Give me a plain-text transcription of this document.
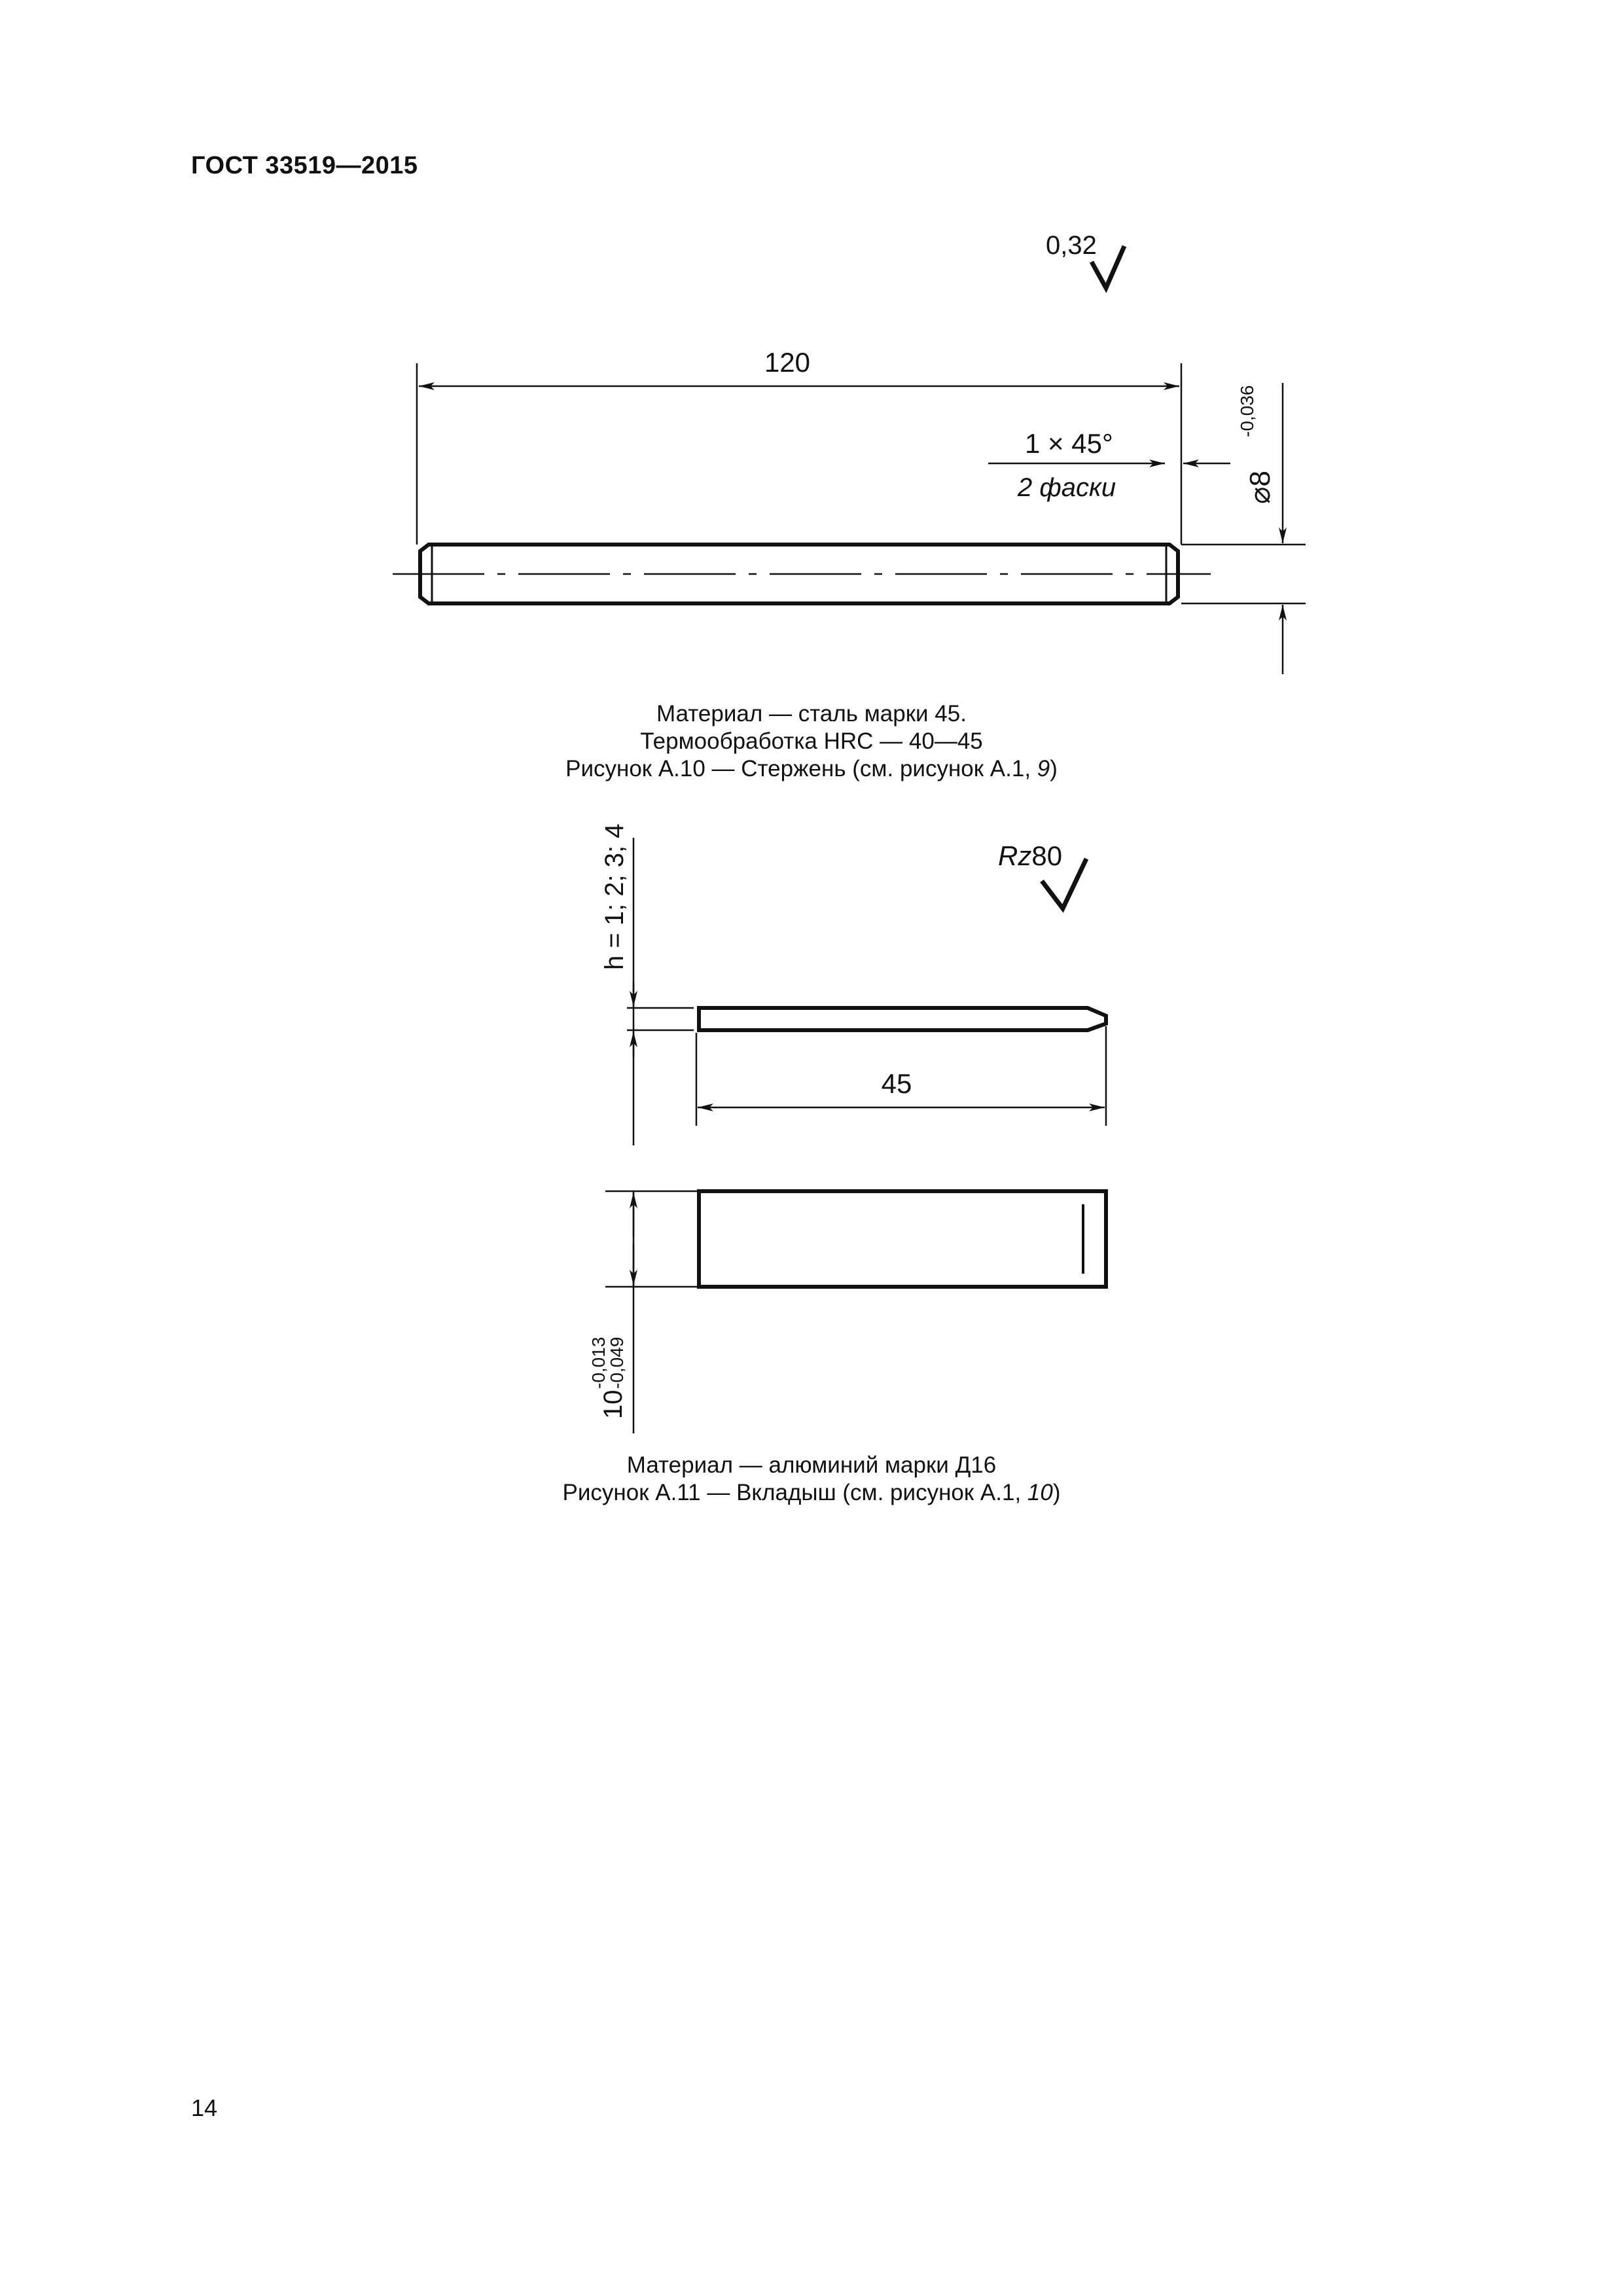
ГОСТ 33519—2015
0,32
120
1 × 45°
2 фаски	⌀8
-0,036
Материал — сталь марки 45.
Термообработка HRC — 40—45
Рисунок А.10 — Стержень (см. рисунок А.1, 9)
Rz80
h = 1; 2; 3; 4
45
10
-0,013
-0,049
Материал — алюминий марки Д16
Рисунок А.11 — Вкладыш (см. рисунок А.1, 10)
14
